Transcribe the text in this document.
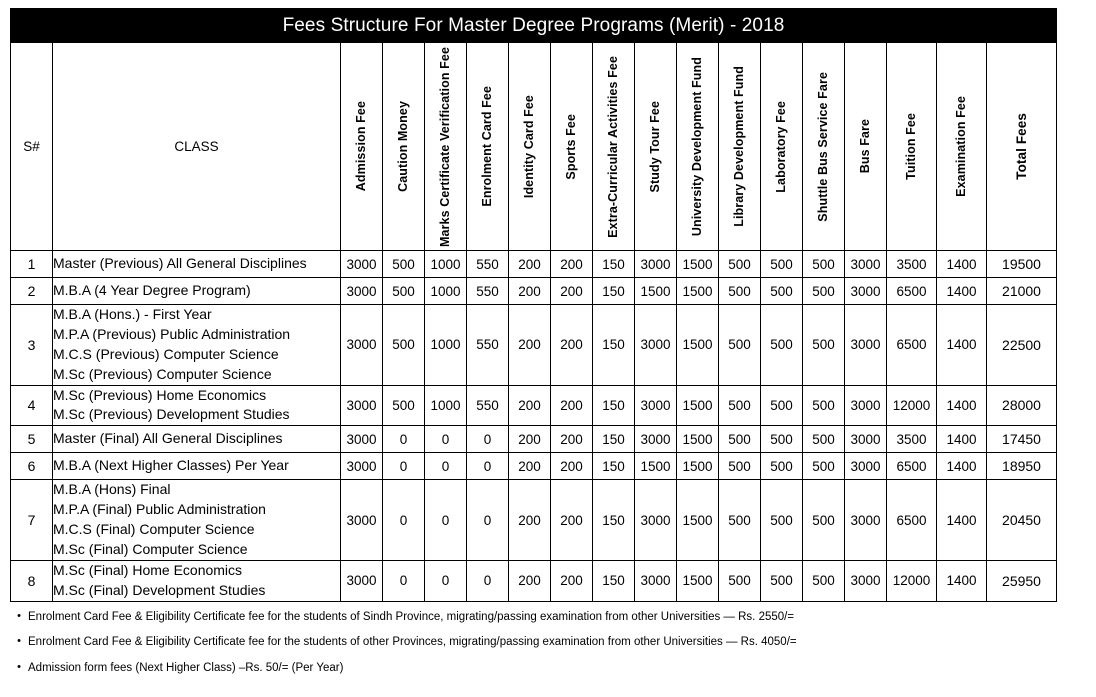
Fees Structure For Master Degree Programs (Merit) - 2018																	
S#	CLASS	Admission Fee	Caution Money	Marks Certificate Verification Fee	Enrolment Card Fee	Identity Card Fee	Sports Fee	Extra-Curricular Activities Fee	Study Tour Fee	University Development Fund	Library Development Fund	Laboratory Fee	Shuttle Bus Service Fare	Bus Fare	Tuition Fee	Examination Fee	Total Fees

1	Master (Previous) All General Disciplines	3000	500	1000	550	200	200	150	3000	1500	500	500	500	3000	3500	1400	19500
2	M.B.A (4 Year Degree Program)	3000	500	1000	550	200	200	150	1500	1500	500	500	500	3000	6500	1400	21000
3	M.B.A (Hons.) - First Year
M.P.A (Previous) Public Administration
M.C.S (Previous) Computer Science
M.Sc (Previous) Computer Science	3000	500	1000	550	200	200	150	3000	1500	500	500	500	3000	6500	1400	22500
4	M.Sc (Previous) Home Economics
M.Sc (Previous) Development Studies	3000	500	1000	550	200	200	150	3000	1500	500	500	500	3000	12000	1400	28000
5	Master (Final) All General Disciplines	3000	0	0	0	200	200	150	3000	1500	500	500	500	3000	3500	1400	17450
6	M.B.A (Next Higher Classes) Per Year	3000	0	0	0	200	200	150	1500	1500	500	500	500	3000	6500	1400	18950
7	M.B.A (Hons) Final
M.P.A (Final) Public Administration
M.C.S (Final) Computer Science
M.Sc (Final) Computer Science	3000	0	0	0	200	200	150	3000	1500	500	500	500	3000	6500	1400	20450
8	M.Sc (Final) Home Economics
M.Sc (Final) Development Studies	3000	0	0	0	200	200	150	3000	1500	500	500	500	3000	12000	1400	25950
• Enrolment Card Fee & Eligibility Certificate fee for the students of Sindh Province, migrating/passing examination from other Universities — Rs. 2550/=
• Enrolment Card Fee & Eligibility Certificate fee for the students of other Provinces, migrating/passing examination from other Universities — Rs. 4050/=
• Admission form fees (Next Higher Class) –Rs. 50/= (Per Year)
